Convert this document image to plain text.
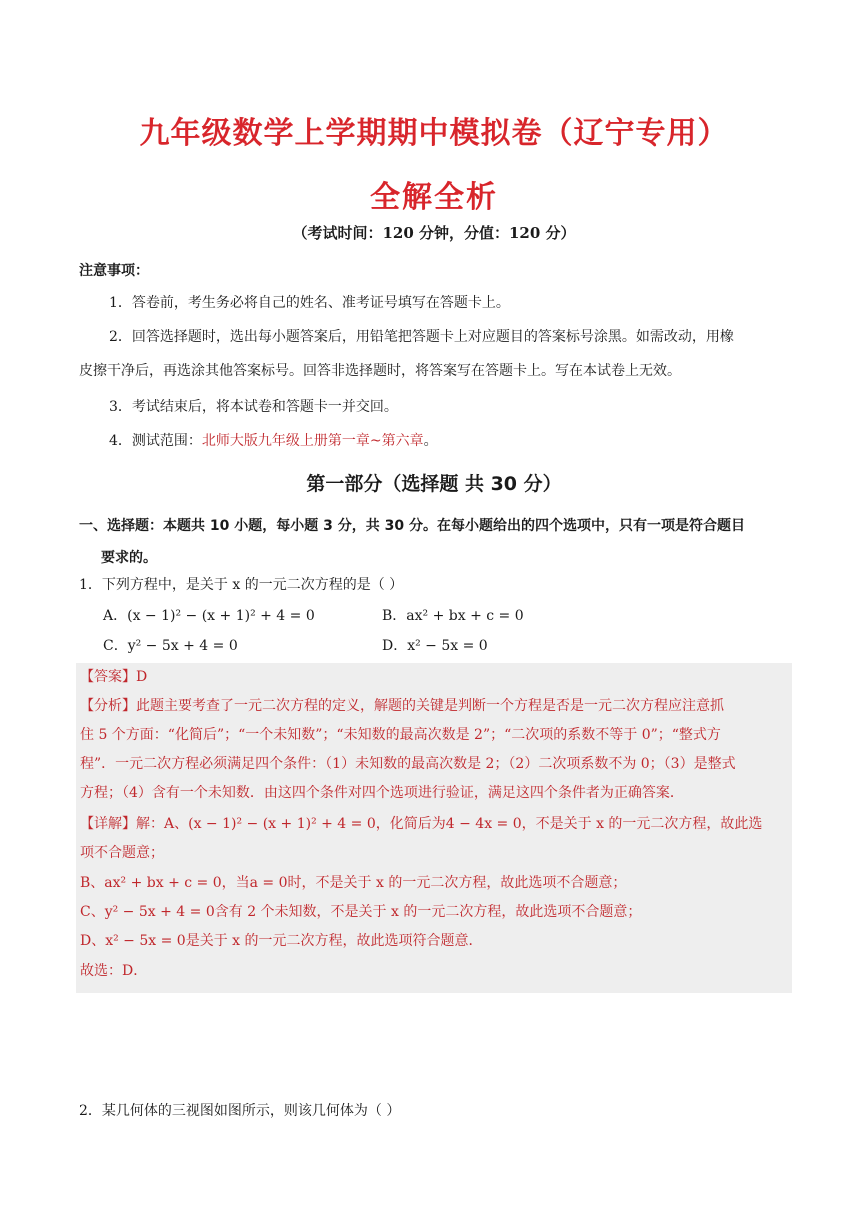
九年级数学上学期期中模拟卷（辽宁专用）
全解全析
（考试时间：120 分钟，分值：120 分）
注意事项：
1．答卷前，考生务必将自己的姓名、准考证号填写在答题卡上。
2．回答选择题时，选出每小题答案后，用铅笔把答题卡上对应题目的答案标号涂黑。如需改动，用橡
皮擦干净后，再选涂其他答案标号。回答非选择题时，将答案写在答题卡上。写在本试卷上无效。
3．考试结束后，将本试卷和答题卡一并交回。
4．测试范围：北师大版九年级上册第一章~第六章。
第一部分（选择题 共 30 分）
一、选择题：本题共 10 小题，每小题 3 分，共 30 分。在每小题给出的四个选项中，只有一项是符合题目
要求的。
1．下列方程中，是关于 x 的一元二次方程的是（ ）
A．(x − 1)² − (x + 1)² + 4 = 0	B．ax² + bx + c = 0
C．y² − 5x + 4 = 0	D．x² − 5x = 0
【答案】D
【分析】此题主要考查了一元二次方程的定义，解题的关键是判断一个方程是否是一元二次方程应注意抓
住 5 个方面：“化简后”；“一个未知数”；“未知数的最高次数是 2”；“二次项的系数不等于 0”；“整式方
程”．一元二次方程必须满足四个条件：（1）未知数的最高次数是 2；（2）二次项系数不为 0；（3）是整式
方程；（4）含有一个未知数．由这四个条件对四个选项进行验证，满足这四个条件者为正确答案．
【详解】解：A、(x − 1)² − (x + 1)² + 4 = 0，化简后为4 − 4x = 0，不是关于 x 的一元二次方程，故此选
项不合题意；
B、ax² + bx + c = 0，当a = 0时，不是关于 x 的一元二次方程，故此选项不合题意；
C、y² − 5x + 4 = 0含有 2 个未知数，不是关于 x 的一元二次方程，故此选项不合题意；
D、x² − 5x = 0是关于 x 的一元二次方程，故此选项符合题意．
故选：D．
2．某几何体的三视图如图所示，则该几何体为（ ）
